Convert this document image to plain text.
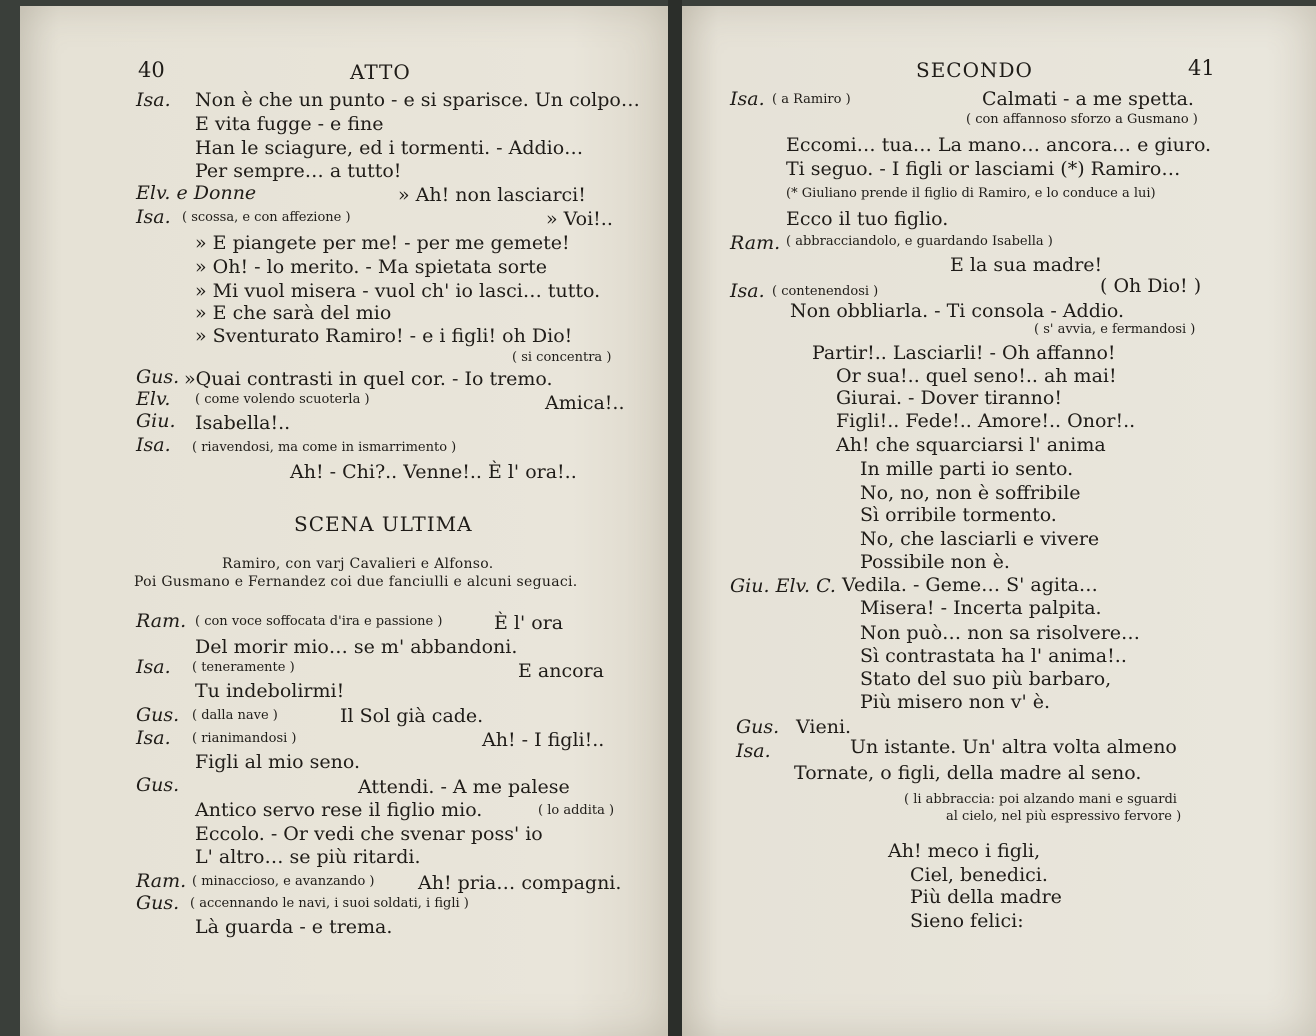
40	ATTO
Isa. Non è che un punto - e si sparisce. Un colpo…
E vita fugge - e fine
Han le sciagure, ed i tormenti. - Addio…
Per sempre… a tutto!
Elv. e Donne	» Ah! non lasciarci!
Isa. ( scossa, e con affezione )	» Voi!..
» E piangete per me! - per me gemete!
» Oh! - lo merito. - Ma spietata sorte
» Mi vuol misera - vuol ch' io lasci… tutto.
» E che sarà del mio
» Sventurato Ramiro! - e i figli! oh Dio!
( si concentra )
Gus. »Quai contrasti in quel cor. - Io tremo.
Elv. ( come volendo scuoterla )	Amica!..
Giu. Isabella!..
Isa. ( riavendosi, ma come in ismarrimento )
Ah! - Chi?.. Venne!.. È l' ora!..
SCENA ULTIMA
Ramiro, con varj Cavalieri e Alfonso.
Poi Gusmano e Fernandez coi due fanciulli e alcuni seguaci.
Ram. ( con voce soffocata d'ira e passione )	È l' ora
Del morir mio… se m' abbandoni.
Isa. ( teneramente )	E ancora
Tu indebolirmi!
Gus. ( dalla nave )	Il Sol già cade.
Isa. ( rianimandosi )	Ah! - I figli!..
Figli al mio seno.
Gus.	Attendi. - A me palese
Antico servo rese il figlio mio.	( lo addita )
Eccolo. - Or vedi che svenar poss' io
L' altro… se più ritardi.
Ram. ( minaccioso, e avanzando ) Ah! pria… compagni.
Gus. ( accennando le navi, i suoi soldati, i figli )
Là guarda - e trema.
SECONDO	41
Isa. ( a Ramiro )	Calmati - a me spetta.
( con affannoso sforzo a Gusmano )
Eccomi… tua… La mano… ancora… e giuro.
Ti seguo. - I figli or lasciami (*) Ramiro…
(* Giuliano prende il figlio di Ramiro, e lo conduce a lui)
Ecco il tuo figlio.
Ram. ( abbracciandolo, e guardando Isabella )
E la sua madre!
Isa. ( contenendosi )	( Oh Dio! )
Non obbliarla. - Ti consola - Addio.
( s' avvia, e fermandosi )
Partir!.. Lasciarli! - Oh affanno!
Or sua!.. quel seno!.. ah mai!
Giurai. - Dover tiranno!
Figli!.. Fede!.. Amore!.. Onor!..
Ah! che squarciarsi l' anima
In mille parti io sento.
No, no, non è soffribile
Sì orribile tormento.
No, che lasciarli e vivere
Possibile non è.
Giu. Elv. C. Vedila. - Geme… S' agita…
Misera! - Incerta palpita.
Non può… non sa risolvere…
Sì contrastata ha l' anima!..
Stato del suo più barbaro,
Più misero non v' è.
Gus. Vieni.
Isa.	Un istante. Un' altra volta almeno
Tornate, o figli, della madre al seno.
( li abbraccia: poi alzando mani e sguardi
al cielo, nel più espressivo fervore )
Ah! meco i figli,
Ciel, benedici.
Più della madre
Sieno felici:
